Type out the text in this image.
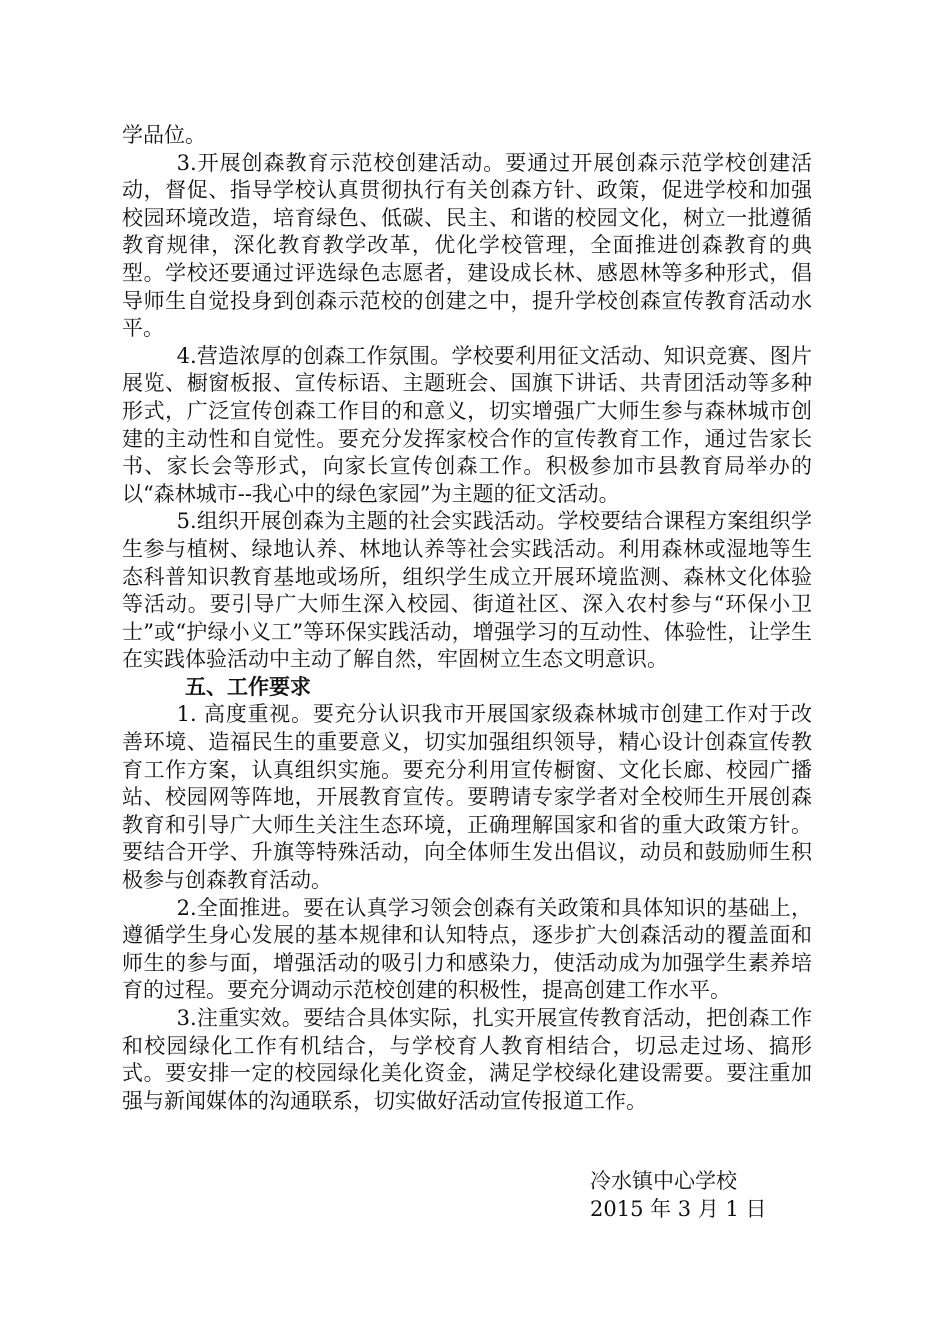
学品位。

3.开展创森教育示范校创建活动。要通过开展创森示范学校创建活动，督促、指导学校认真贯彻执行有关创森方针、政策，促进学校和加强校园环境改造，培育绿色、低碳、民主、和谐的校园文化，树立一批遵循教育规律，深化教育教学改革，优化学校管理，全面推进创森教育的典型。学校还要通过评选绿色志愿者，建设成长林、感恩林等多种形式，倡导师生自觉投身到创森示范校的创建之中，提升学校创森宣传教育活动水平。

4.营造浓厚的创森工作氛围。学校要利用征文活动、知识竞赛、图片展览、橱窗板报、宣传标语、主题班会、国旗下讲话、共青团活动等多种形式，广泛宣传创森工作目的和意义，切实增强广大师生参与森林城市创建的主动性和自觉性。要充分发挥家校合作的宣传教育工作，通过告家长书、家长会等形式，向家长宣传创森工作。积极参加市县教育局举办的以“森林城市--我心中的绿色家园”为主题的征文活动。

5.组织开展创森为主题的社会实践活动。学校要结合课程方案组织学生参与植树、绿地认养、林地认养等社会实践活动。利用森林或湿地等生态科普知识教育基地或场所，组织学生成立开展环境监测、森林文化体验等活动。要引导广大师生深入校园、街道社区、深入农村参与“环保小卫士”或“护绿小义工”等环保实践活动，增强学习的互动性、体验性，让学生在实践体验活动中主动了解自然，牢固树立生态文明意识。

五、工作要求

1. 高度重视。要充分认识我市开展国家级森林城市创建工作对于改善环境、造福民生的重要意义，切实加强组织领导，精心设计创森宣传教育工作方案，认真组织实施。要充分利用宣传橱窗、文化长廊、校园广播站、校园网等阵地，开展教育宣传。要聘请专家学者对全校师生开展创森教育和引导广大师生关注生态环境，正确理解国家和省的重大政策方针。要结合开学、升旗等特殊活动，向全体师生发出倡议，动员和鼓励师生积极参与创森教育活动。

2.全面推进。要在认真学习领会创森有关政策和具体知识的基础上，遵循学生身心发展的基本规律和认知特点，逐步扩大创森活动的覆盖面和师生的参与面，增强活动的吸引力和感染力，使活动成为加强学生素养培育的过程。要充分调动示范校创建的积极性，提高创建工作水平。

3.注重实效。要结合具体实际，扎实开展宣传教育活动，把创森工作和校园绿化工作有机结合，与学校育人教育相结合，切忌走过场、搞形式。要安排一定的校园绿化美化资金，满足学校绿化建设需要。要注重加强与新闻媒体的沟通联系，切实做好活动宣传报道工作。

冷水镇中心学校
2015 年 3 月 1 日
